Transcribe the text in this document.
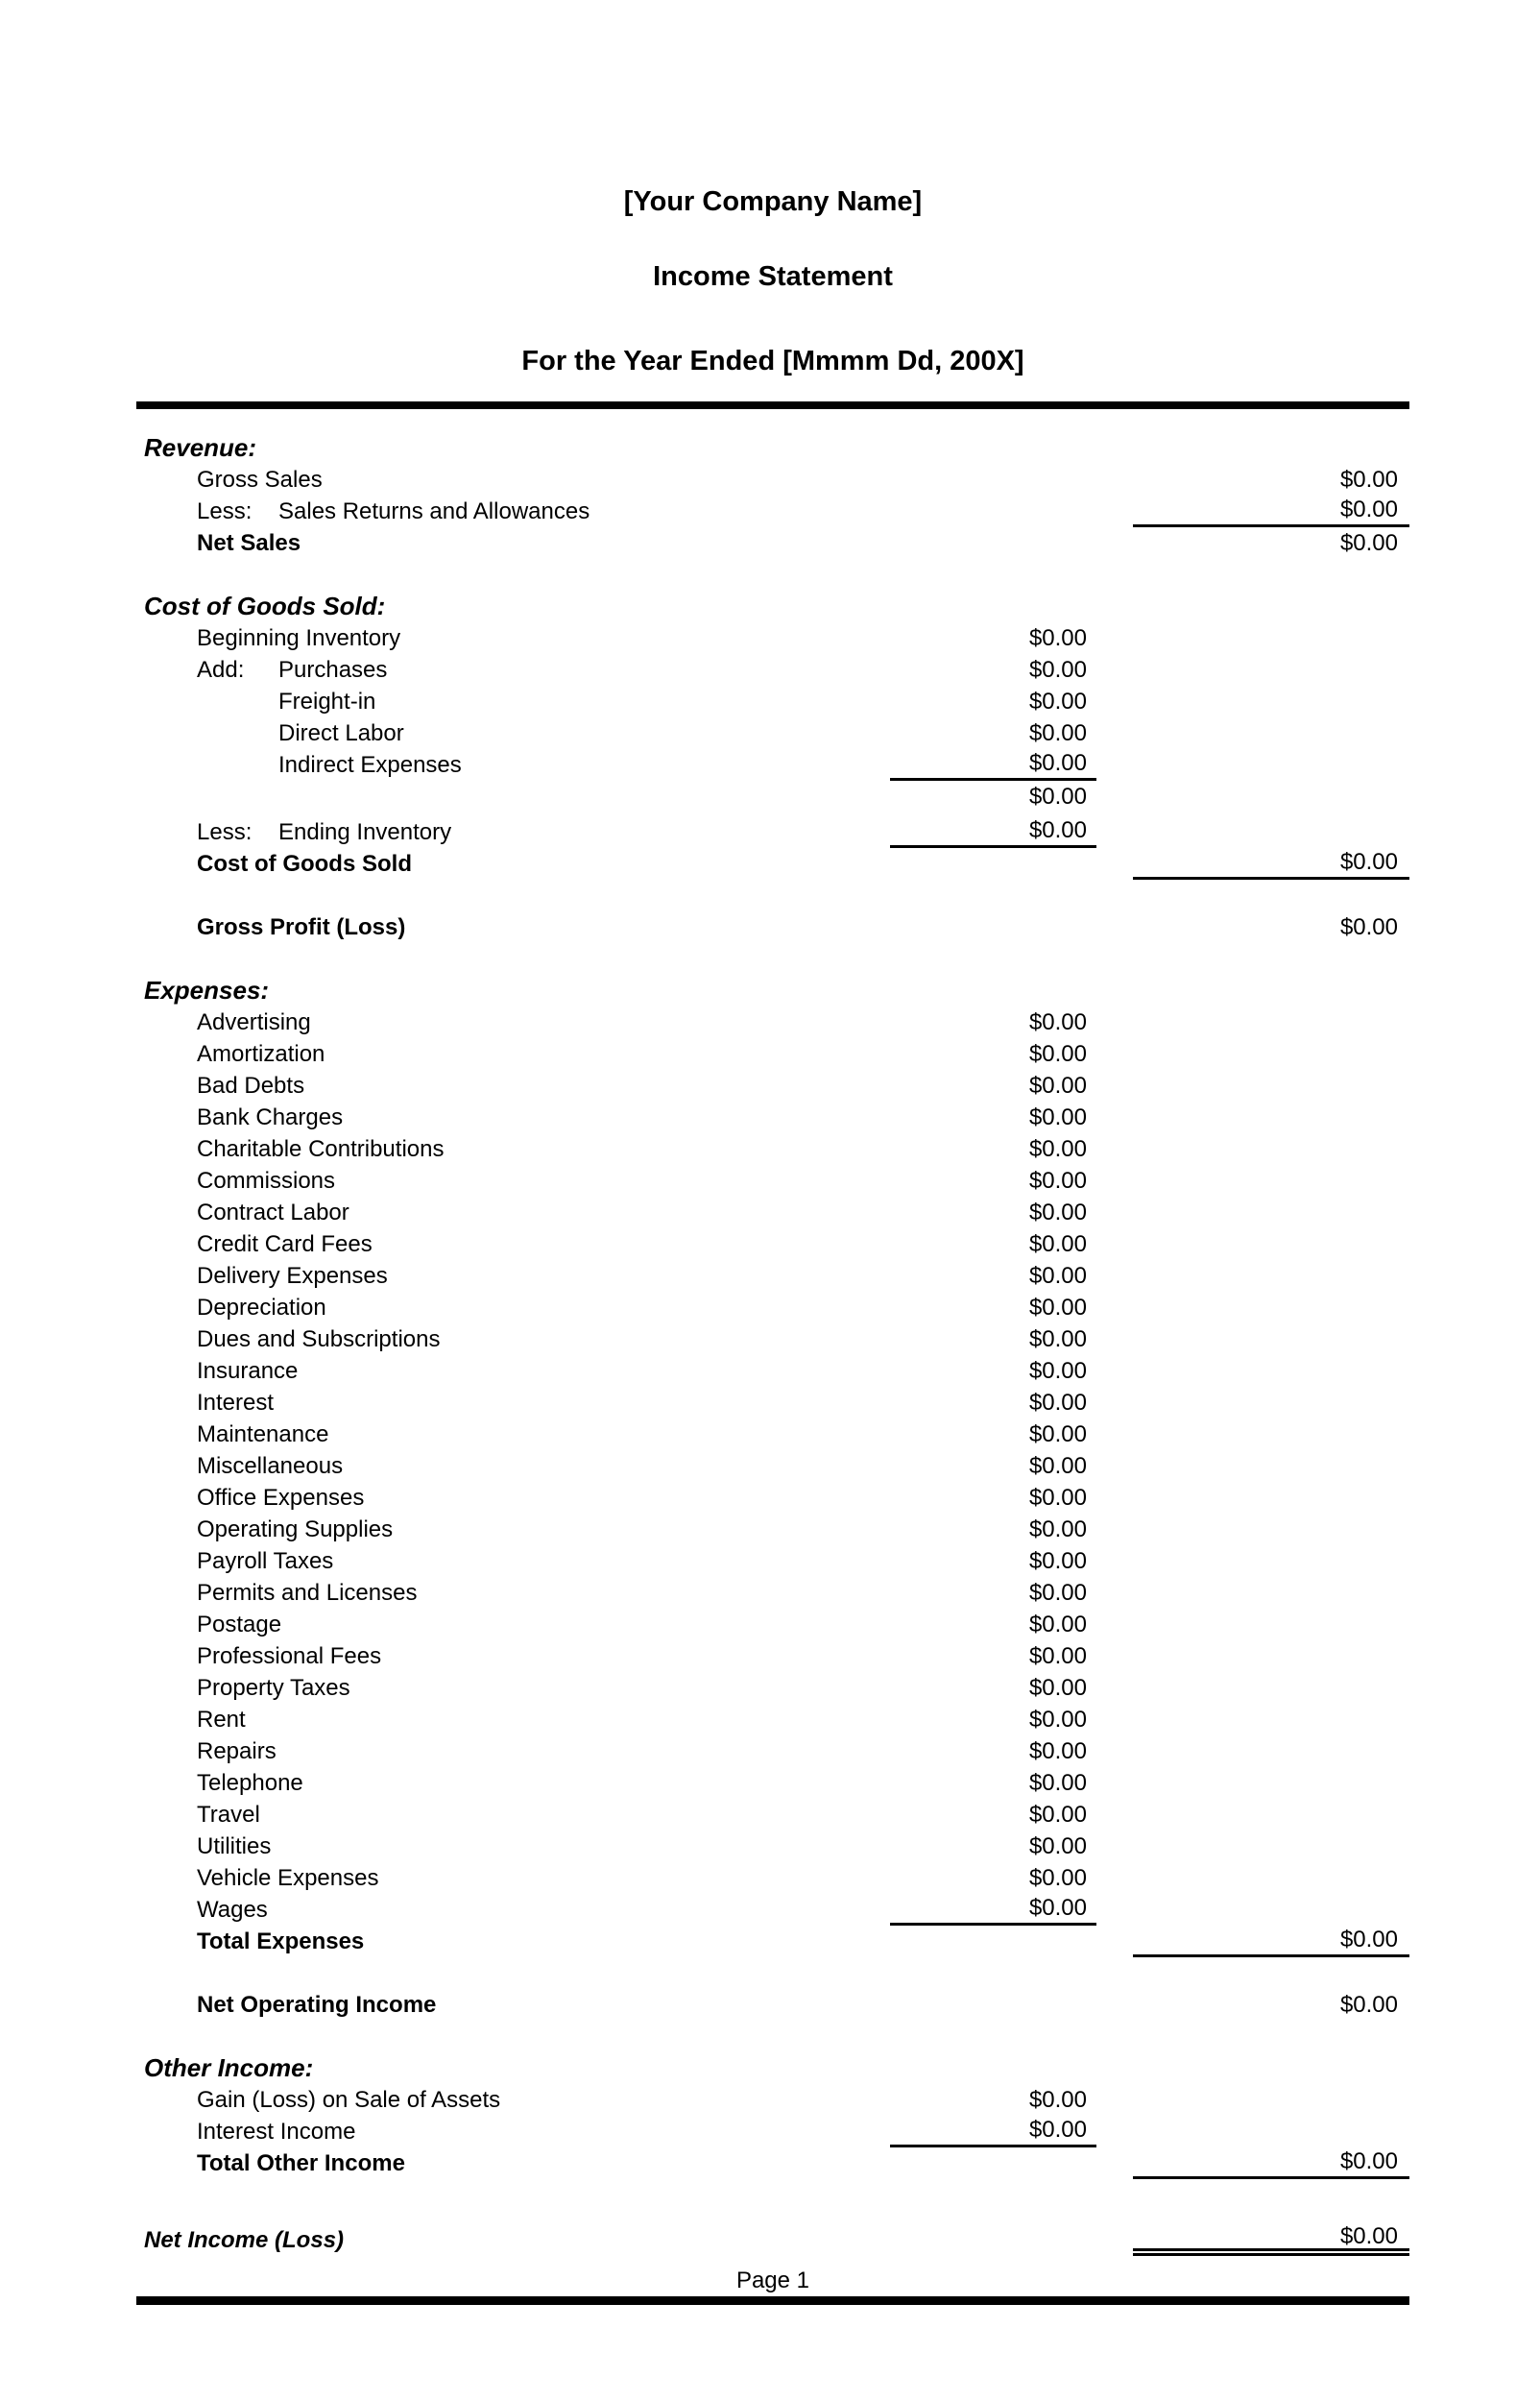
[Your Company Name]
Income Statement
For the Year Ended [Mmmm Dd, 200X]
Revenue:
Gross Sales	$0.00
Less:	Sales Returns and Allowances	$0.00
Net Sales	$0.00
Cost of Goods Sold:
Beginning Inventory	$0.00
Add:	Purchases	$0.00
Freight-in	$0.00
Direct Labor	$0.00
Indirect Expenses	$0.00
$0.00
Less:	Ending Inventory	$0.00
Cost of Goods Sold	$0.00
Gross Profit (Loss)	$0.00
Expenses:
Advertising	$0.00
Amortization	$0.00
Bad Debts	$0.00
Bank Charges	$0.00
Charitable Contributions	$0.00
Commissions	$0.00
Contract Labor	$0.00
Credit Card Fees	$0.00
Delivery Expenses	$0.00
Depreciation	$0.00
Dues and Subscriptions	$0.00
Insurance	$0.00
Interest	$0.00
Maintenance	$0.00
Miscellaneous	$0.00
Office Expenses	$0.00
Operating Supplies	$0.00
Payroll Taxes	$0.00
Permits and Licenses	$0.00
Postage	$0.00
Professional Fees	$0.00
Property Taxes	$0.00
Rent	$0.00
Repairs	$0.00
Telephone	$0.00
Travel	$0.00
Utilities	$0.00
Vehicle Expenses	$0.00
Wages	$0.00
Total Expenses	$0.00
Net Operating Income	$0.00
Other Income:
Gain (Loss) on Sale of Assets	$0.00
Interest Income	$0.00
Total Other Income	$0.00
Net Income (Loss)	$0.00
Page 1
